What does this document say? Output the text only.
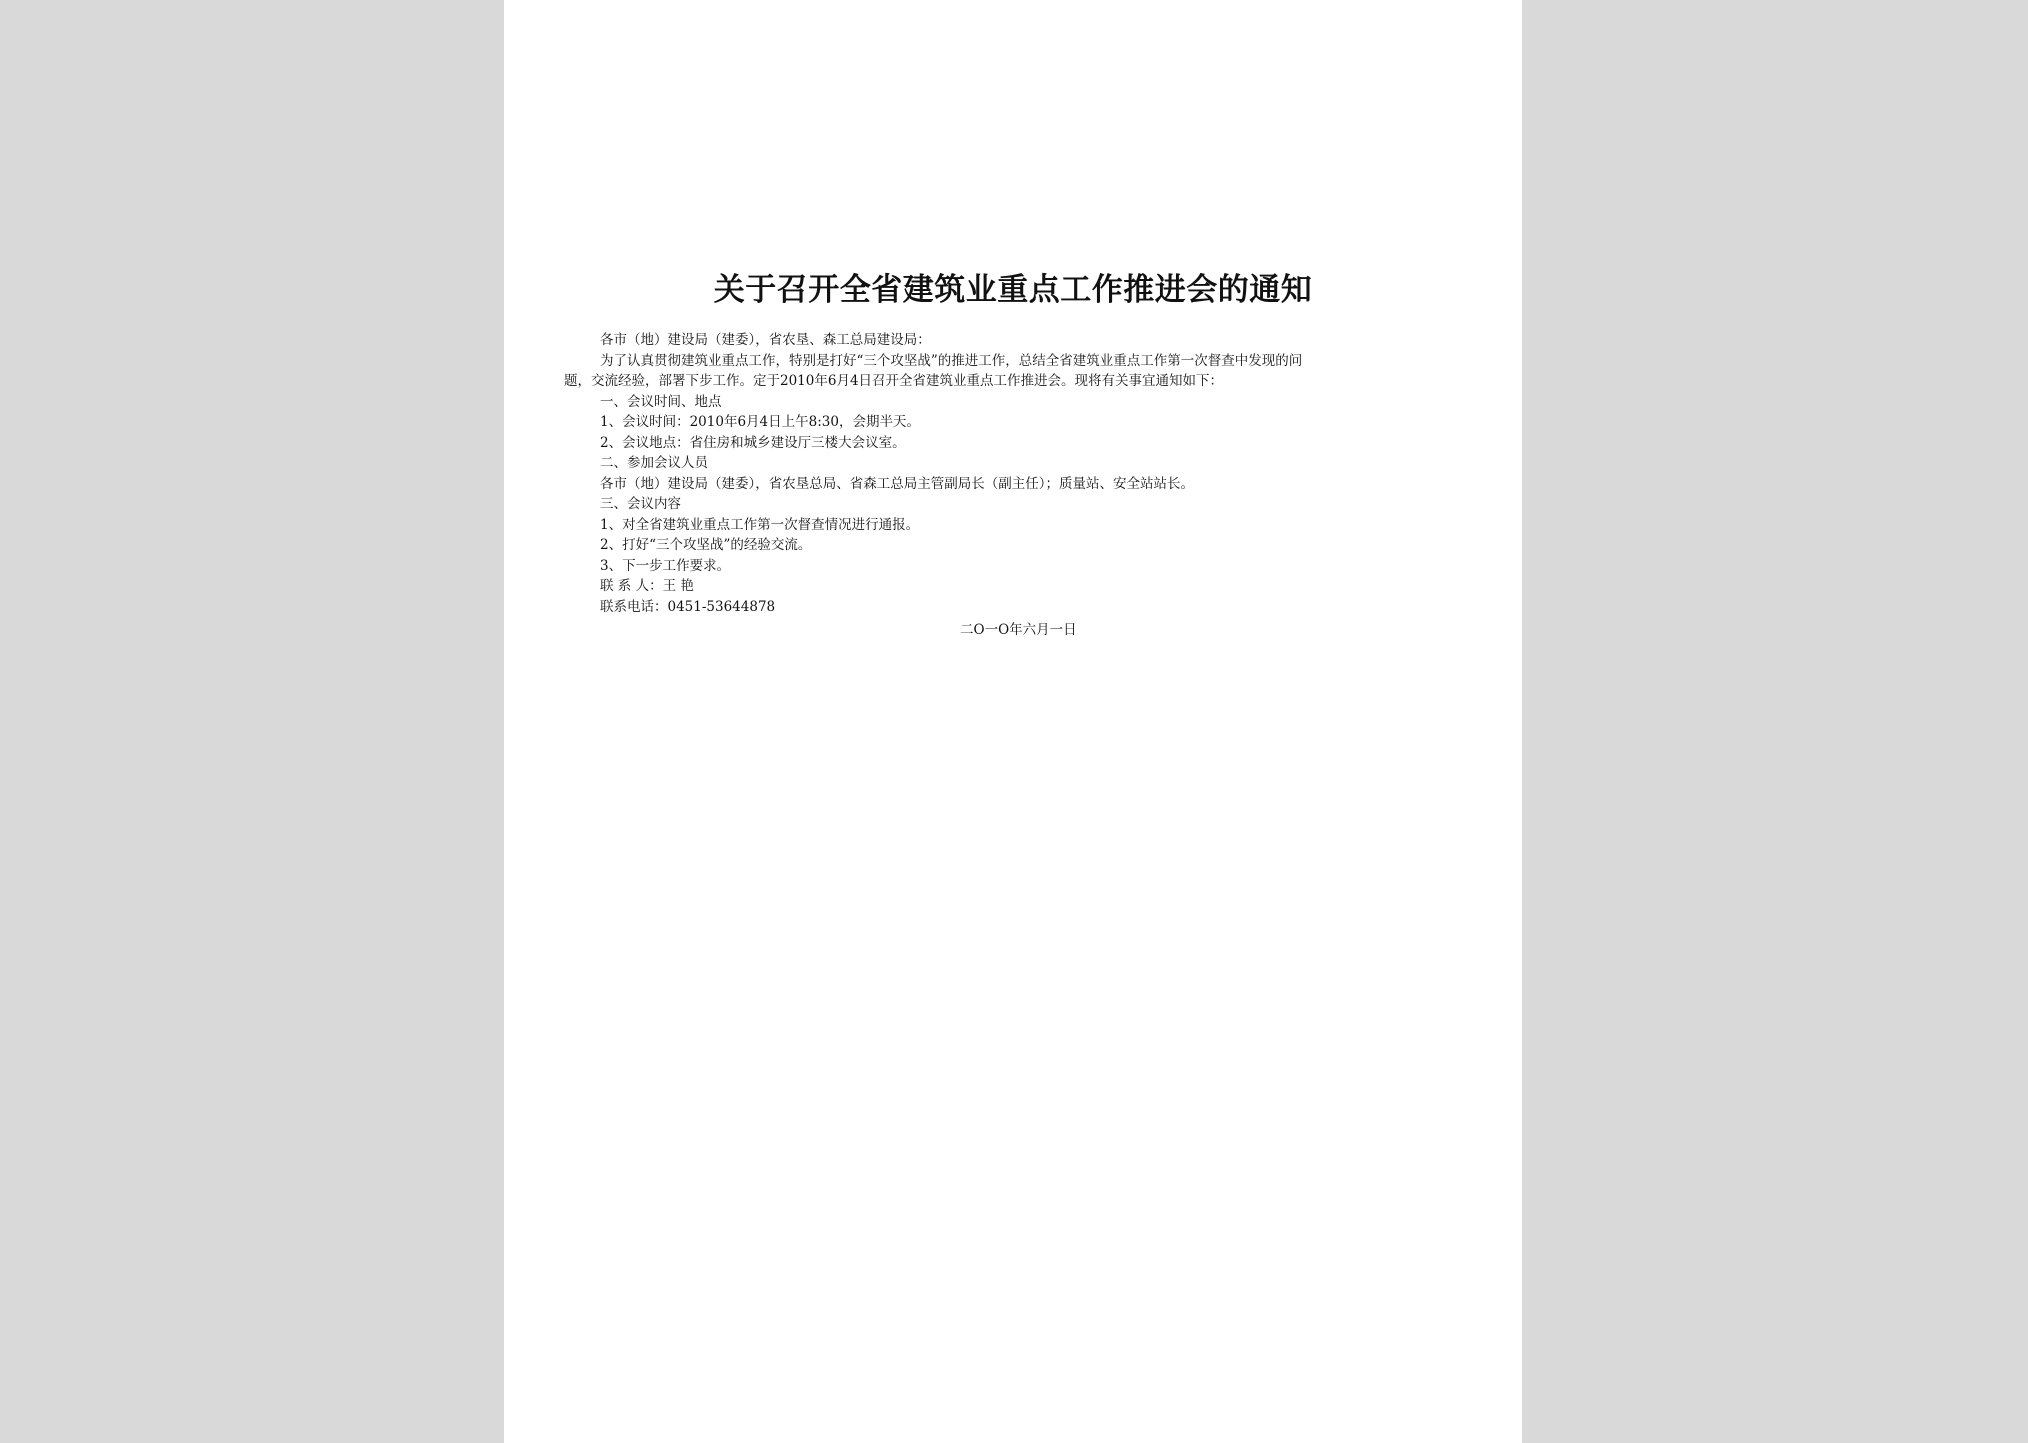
关于召开全省建筑业重点工作推进会的通知
各市（地）建设局（建委），省农垦、森工总局建设局：
为了认真贯彻建筑业重点工作，特别是打好“三个攻坚战”的推进工作，总结全省建筑业重点工作第一次督查中发现的问
题，交流经验，部署下步工作。定于2010年6月4日召开全省建筑业重点工作推进会。现将有关事宜通知如下：
一、会议时间、地点
1、会议时间：2010年6月4日上午8:30，会期半天。
2、会议地点：省住房和城乡建设厅三楼大会议室。
二、参加会议人员
各市（地）建设局（建委），省农垦总局、省森工总局主管副局长（副主任）；质量站、安全站站长。
三、会议内容
1、对全省建筑业重点工作第一次督查情况进行通报。
2、打好“三个攻坚战”的经验交流。
3、下一步工作要求。
联 系 人：王 艳
联系电话：0451-53644878
二O一O年六月一日
